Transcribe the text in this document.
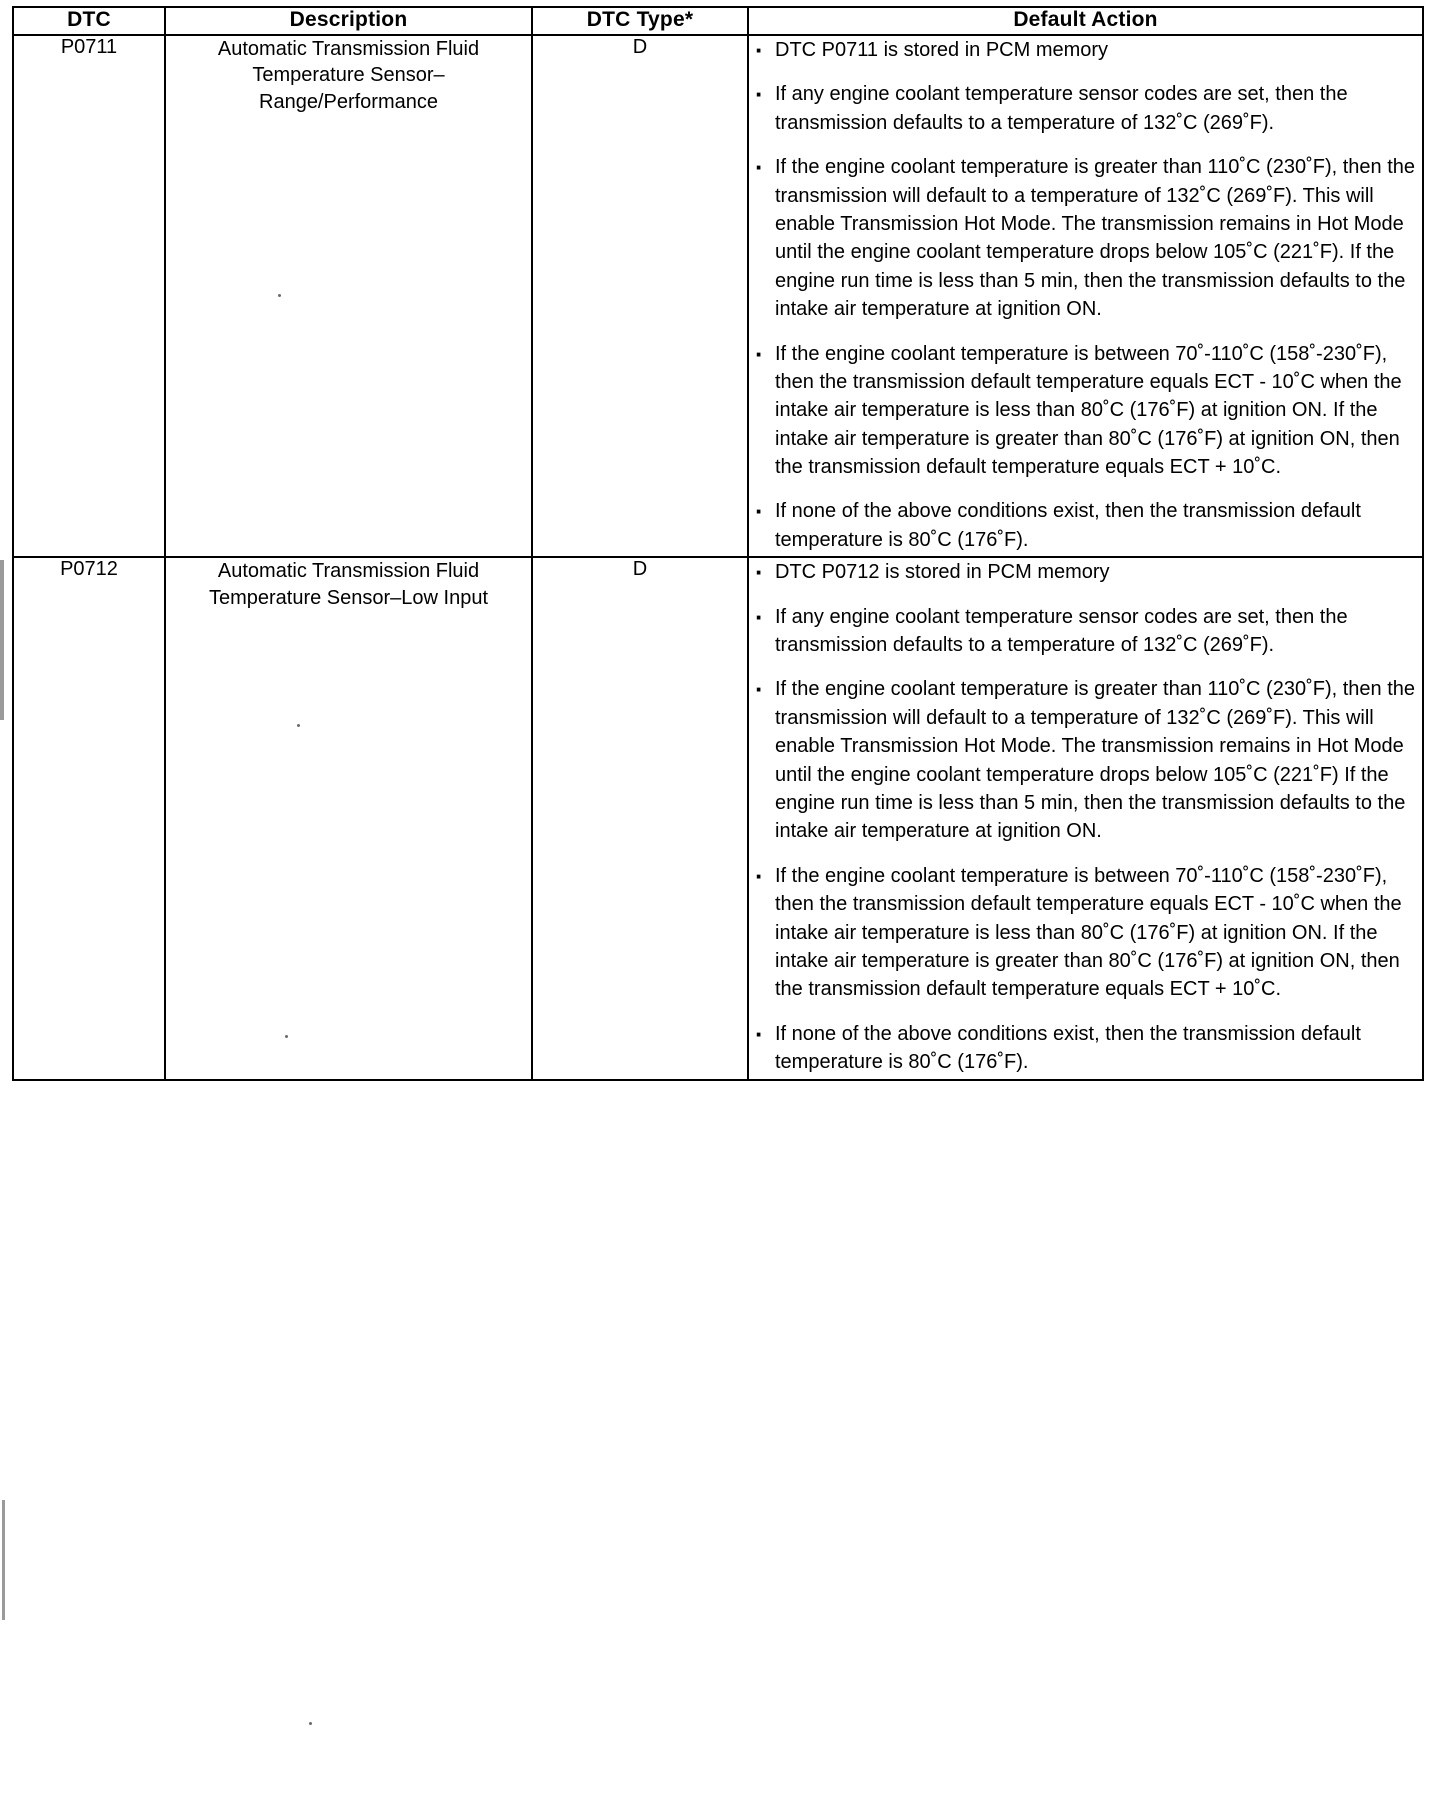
DTC	Description	DTC Type*	Default Action
P0711	Automatic Transmission Fluid Temperature Sensor–Range/Performance	D	
·DTC P0711 is stored in PCM memory
· If any engine coolant temperature sensor codes are set, then the transmission defaults to a temperature of 132˚C (269˚F).
· If the engine coolant temperature is greater than 110˚C (230˚F), then the transmission will default to a temperature of 132˚C (269˚F). This will enable Transmission Hot Mode. The transmission remains in Hot Mode until the engine coolant temperature drops below 105˚C (221˚F). If the engine run time is less than 5 min, then the transmission defaults to the intake air temperature at ignition ON.
· If the engine coolant temperature is between 70˚-110˚C (158˚-230˚F), then the transmission default temperature equals ECT - 10˚C when the intake air temperature is less than 80˚C (176˚F) at ignition ON. If the intake air temperature is greater than 80˚C (176˚F) at ignition ON, then the transmission default temperature equals ECT + 10˚C.
· If none of the above conditions exist, then the transmission default temperature is 80˚C (176˚F).

P0712	Automatic Transmission Fluid Temperature Sensor–Low Input	D	
·DTC P0712 is stored in PCM memory
· If any engine coolant temperature sensor codes are set, then the transmission defaults to a temperature of 132˚C (269˚F).
· If the engine coolant temperature is greater than 110˚C (230˚F), then the transmission will default to a temperature of 132˚C (269˚F). This will enable Transmission Hot Mode. The transmission remains in Hot Mode until the engine coolant temperature drops below 105˚C (221˚F) If the engine run time is less than 5 min, then the transmission defaults to the intake air temperature at ignition ON.
· If the engine coolant temperature is between 70˚-110˚C (158˚-230˚F), then the transmission default temperature equals ECT - 10˚C when the intake air temperature is less than 80˚C (176˚F) at ignition ON. If the intake air temperature is greater than 80˚C (176˚F) at ignition ON, then the transmission default temperature equals ECT + 10˚C.
· If none of the above conditions exist, then the transmission default temperature is 80˚C (176˚F).
